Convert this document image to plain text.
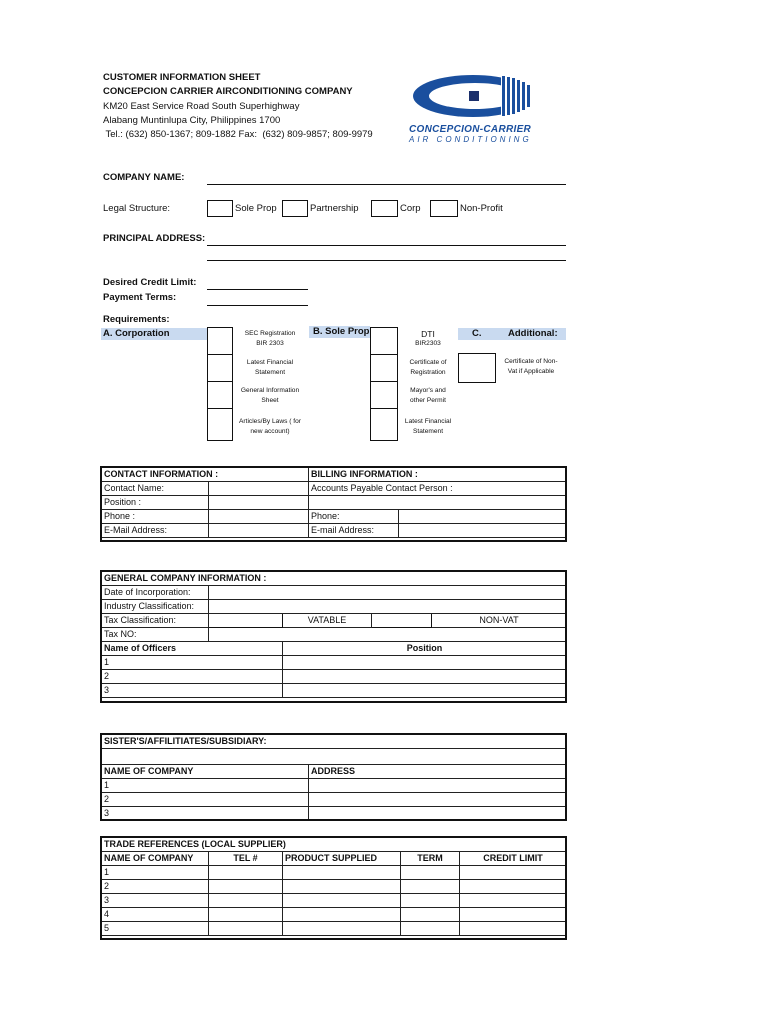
CUSTOMER INFORMATION SHEET
CONCEPCION CARRIER AIRCONDITIONING COMPANY
KM20 East Service Road South Superhighway
Alabang Muntinlupa City, Philippines 1700
Tel.: (632) 850-1367; 809-1882 Fax:  (632) 809-9857; 809-9979	CONCEPCION-CARRIER
AIR CONDITIONING
COMPANY NAME:
Legal Structure:	Sole Prop	Partnership	Corp	Non-Profit
PRINCIPAL ADDRESS:
Desired Credit Limit:
Payment Terms:
Requirements:
A. Corporation	B. Sole Prop	C.	Additional:
SEC Registration
BIR 2303
Latest Financial
Statement
General Information
Sheet
Articles/By Laws ( for
new account)
DTI
BIR2303
Certificate of
Registration
Mayor's and
other Permit
Latest Financial
Statement
Certificate of Non-
Vat if Applicable
CONTACT INFORMATION :		BILLING INFORMATION :	
Contact Name:		Accounts Payable Contact Person :	
Position :			
Phone :		Phone:	
E-Mail Address:		E-mail Address:	
GENERAL COMPANY INFORMATION :				
Date of Incorporation:				
Industry Classification:				
Tax Classification:		VATABLE		NON-VAT
Tax NO:				
Name of Officers		Position		
1				
2				
3				
SISTER'S/AFFILITIATES/SUBSIDIARY:	

NAME OF COMPANY	ADDRESS
1	
2	
3	
TRADE REFERENCES (LOCAL SUPPLIER)				
NAME OF COMPANY	TEL #	PRODUCT SUPPLIED	TERM	CREDIT LIMIT
1				
2				
3				
4				
5				
